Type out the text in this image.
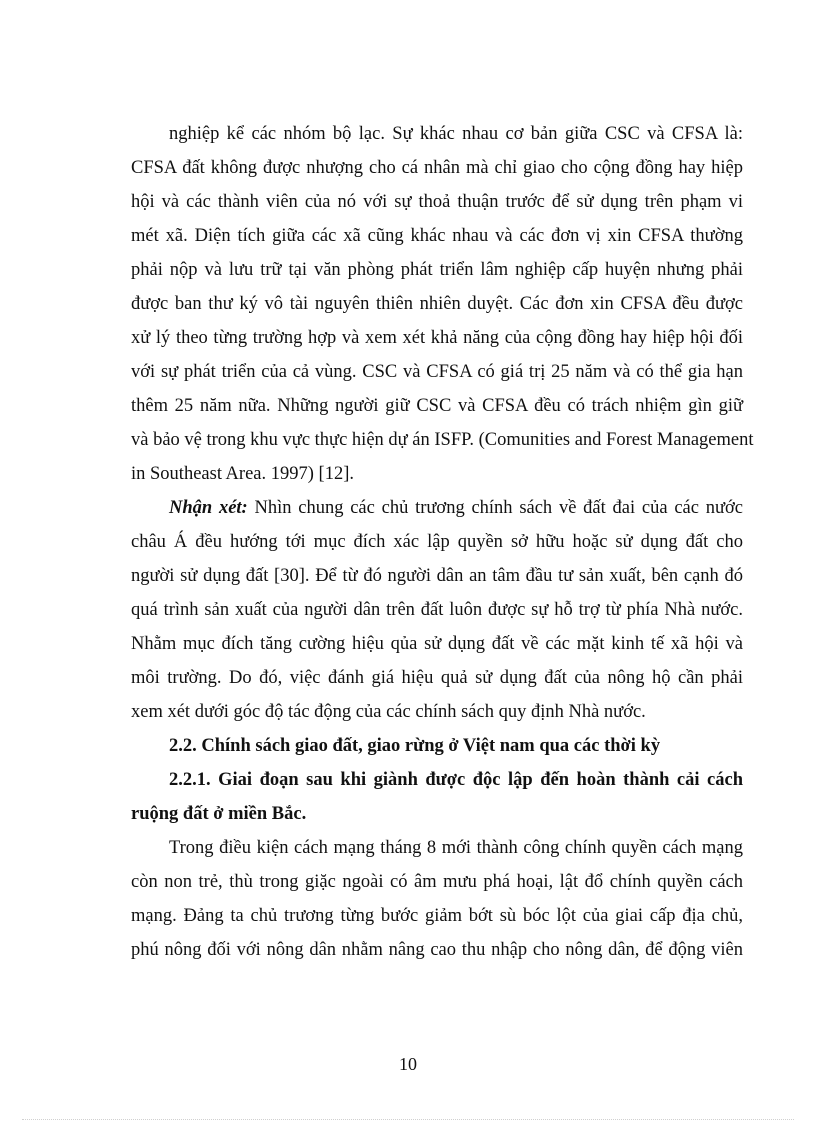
nghiệp kể các nhóm bộ lạc. Sự khác nhau cơ bản giữa CSC và CFSA là:
CFSA đất không được nhượng cho cá nhân mà chỉ giao cho cộng đồng hay hiệp
hội và các thành viên của nó với sự thoả thuận trước để sử dụng trên phạm vi
mét xã. Diện tích giữa các xã cũng khác nhau và các đơn vị xin CFSA thường
phải nộp và lưu trữ tại văn phòng phát triển lâm nghiệp cấp huyện nhưng phải
được ban thư ký vô tài nguyên thiên nhiên duyệt. Các đơn xin CFSA đều được
xử lý theo từng trường hợp và xem xét khả năng của cộng đồng hay hiệp hội đối
với sự phát triển của cả vùng. CSC và CFSA có giá trị 25 năm và có thể gia hạn
thêm 25 năm nữa. Những người giữ CSC và CFSA đều có trách nhiệm gìn giữ
và bảo vệ trong khu vực thực hiện dự án ISFP. (Comunities and Forest Management
in Southeast Area. 1997) [12].
Nhận xét: Nhìn chung các chủ trương chính sách về đất đai của các nước
châu Á đều hướng tới mục đích xác lập quyền sở hữu hoặc sử dụng đất cho
người sử dụng đất [30]. Để từ đó người dân an tâm đầu tư sản xuất, bên cạnh đó
quá trình sản xuất của người dân trên đất luôn được sự hỗ trợ từ phía Nhà nước.
Nhằm mục đích tăng cường hiệu qủa sử dụng đất về các mặt kinh tế xã hội và
môi trường. Do đó, việc đánh giá hiệu quả sử dụng đất của nông hộ cần phải
xem xét dưới góc độ tác động của các chính sách quy định Nhà nước.
2.2. Chính sách giao đất, giao rừng ở Việt nam qua các thời kỳ
2.2.1. Giai đoạn sau khi giành được độc lập đến hoàn thành cải cách
ruộng đất ở miền Bắc.
Trong điều kiện cách mạng tháng 8 mới thành công chính quyền cách mạng
còn non trẻ, thù trong giặc ngoài có âm mưu phá hoại, lật đổ chính quyền cách
mạng. Đảng ta chủ trương từng bước giảm bớt sù bóc lột của giai cấp địa chủ,
phú nông đối với nông dân nhằm nâng cao thu nhập cho nông dân, để động viên
10
